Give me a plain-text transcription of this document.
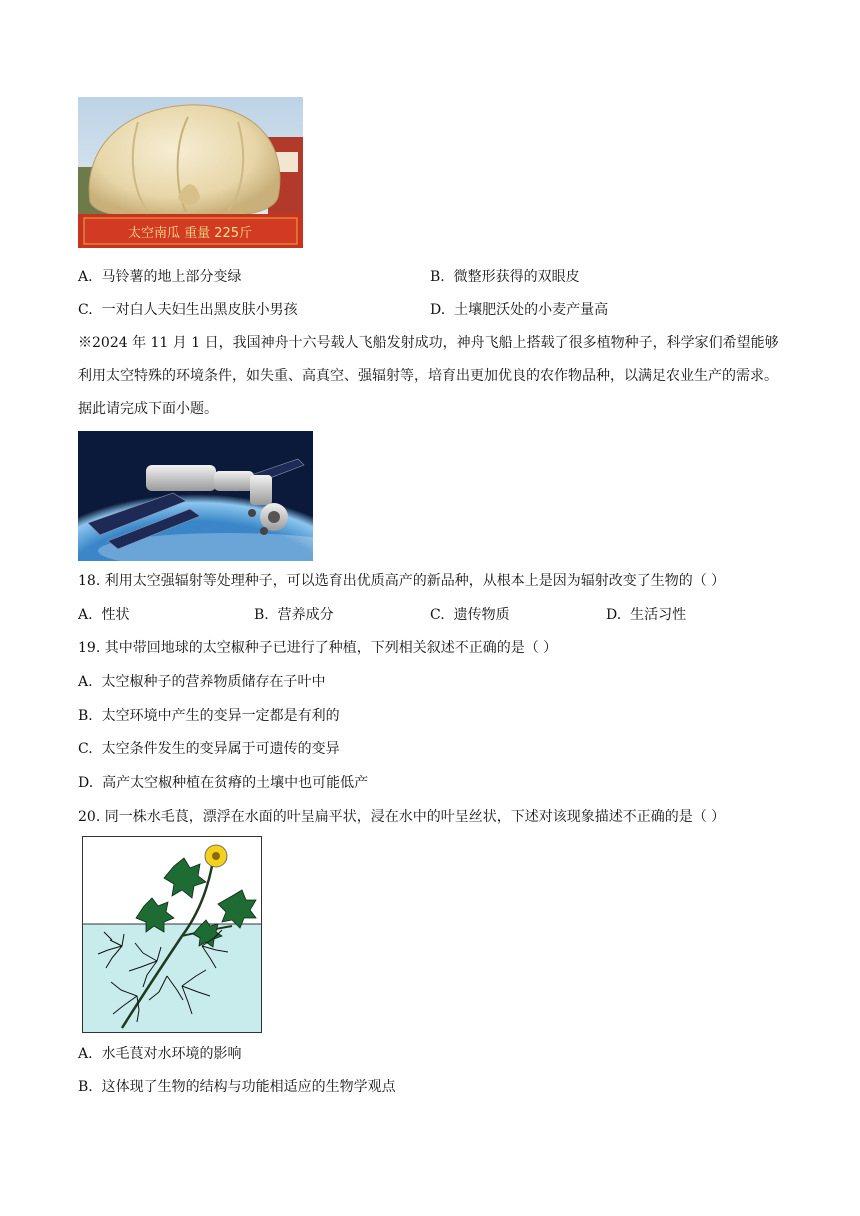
太空南瓜 重量 225斤
A. 马铃薯的地上部分变绿	B. 微整形获得的双眼皮
C. 一对白人夫妇生出黑皮肤小男孩	D. 土壤肥沃处的小麦产量高
※2024 年 11 月 1 日，我国神舟十六号载人飞船发射成功，神舟飞船上搭载了很多植物种子，科学家们希望能够利用太空特殊的环境条件，如失重、高真空、强辐射等，培育出更加优良的农作物品种，以满足农业生产的需求。据此请完成下面小题。
18. 利用太空强辐射等处理种子，可以选育出优质高产的新品种，从根本上是因为辐射改变了生物的（ ）
A. 性状	B. 营养成分	C. 遗传物质	D. 生活习性
19. 其中带回地球的太空椒种子已进行了种植，下列相关叙述不正确的是（ ）
A. 太空椒种子的营养物质储存在子叶中
B. 太空环境中产生的变异一定都是有利的
C. 太空条件发生的变异属于可遗传的变异
D. 高产太空椒种植在贫瘠的土壤中也可能低产
20. 同一株水毛茛，漂浮在水面的叶呈扁平状，浸在水中的叶呈丝状，下述对该现象描述不正确的是（ ）
A. 水毛茛对水环境的影响
B. 这体现了生物的结构与功能相适应的生物学观点
